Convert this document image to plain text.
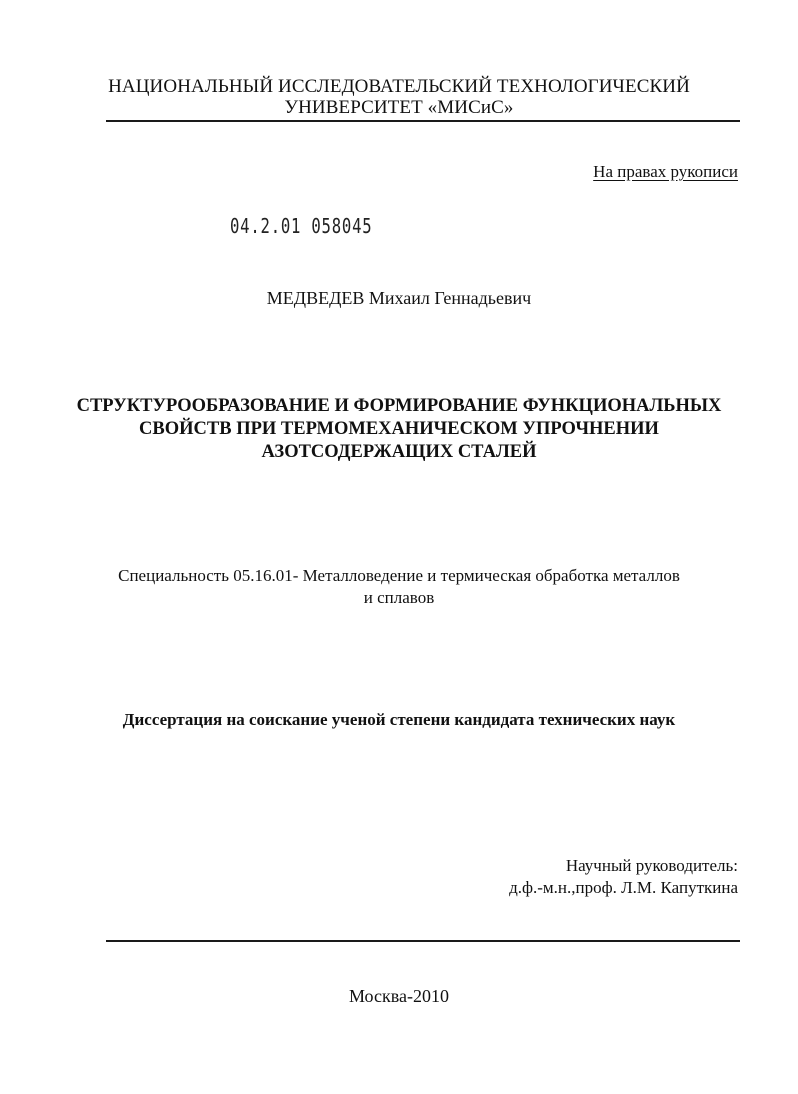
НАЦИОНАЛЬНЫЙ ИССЛЕДОВАТЕЛЬСКИЙ ТЕХНОЛОГИЧЕСКИЙ
УНИВЕРСИТЕТ «МИСиС»
На правах рукописи
04.2.01 058045
МЕДВЕДЕВ Михаил Геннадьевич
СТРУКТУРООБРАЗОВАНИЕ И ФОРМИРОВАНИЕ ФУНКЦИОНАЛЬНЫХ
СВОЙСТВ ПРИ ТЕРМОМЕХАНИЧЕСКОМ УПРОЧНЕНИИ
АЗОТСОДЕРЖАЩИХ СТАЛЕЙ
Специальность 05.16.01- Металловедение и термическая обработка металлов
и сплавов
Диссертация на соискание ученой степени кандидата технических наук
Научный руководитель:
д.ф.-м.н.,проф. Л.М. Капуткина
Москва-2010
